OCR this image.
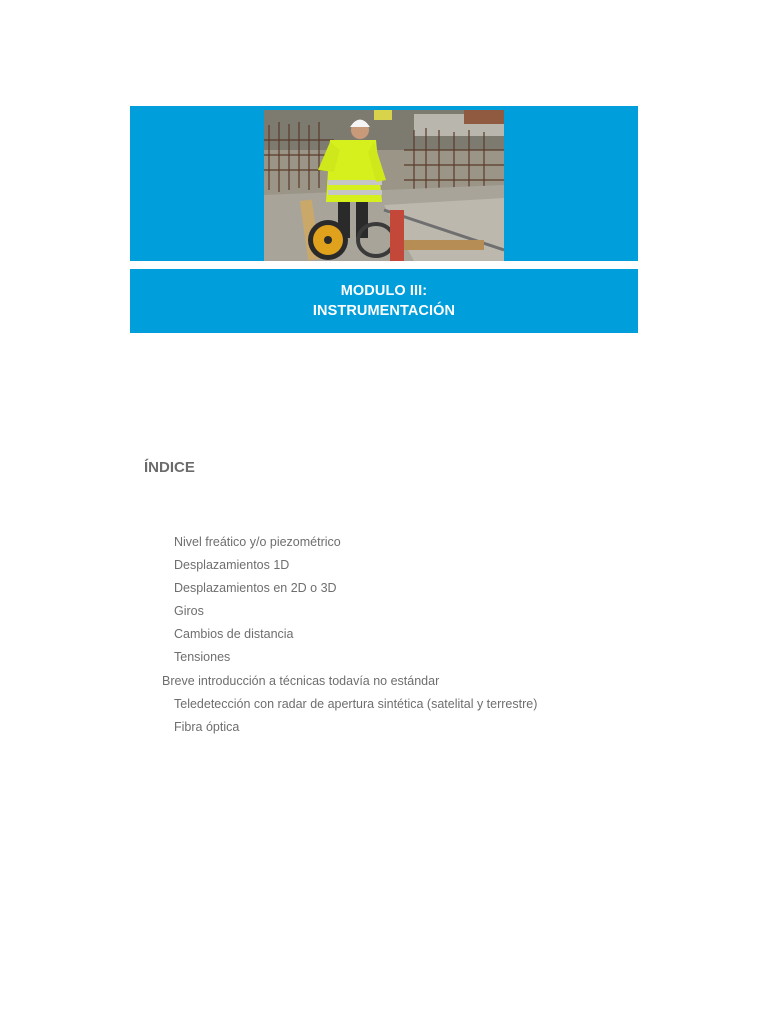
MODULO III:
INSTRUMENTACIÓN
ÍNDICE
Nivel freático y/o piezométrico
Desplazamientos 1D
Desplazamientos en 2D o 3D
Giros
Cambios de distancia
Tensiones
Breve introducción a técnicas todavía no estándar
Teledetección con radar de apertura sintética (satelital y terrestre)
Fibra óptica
